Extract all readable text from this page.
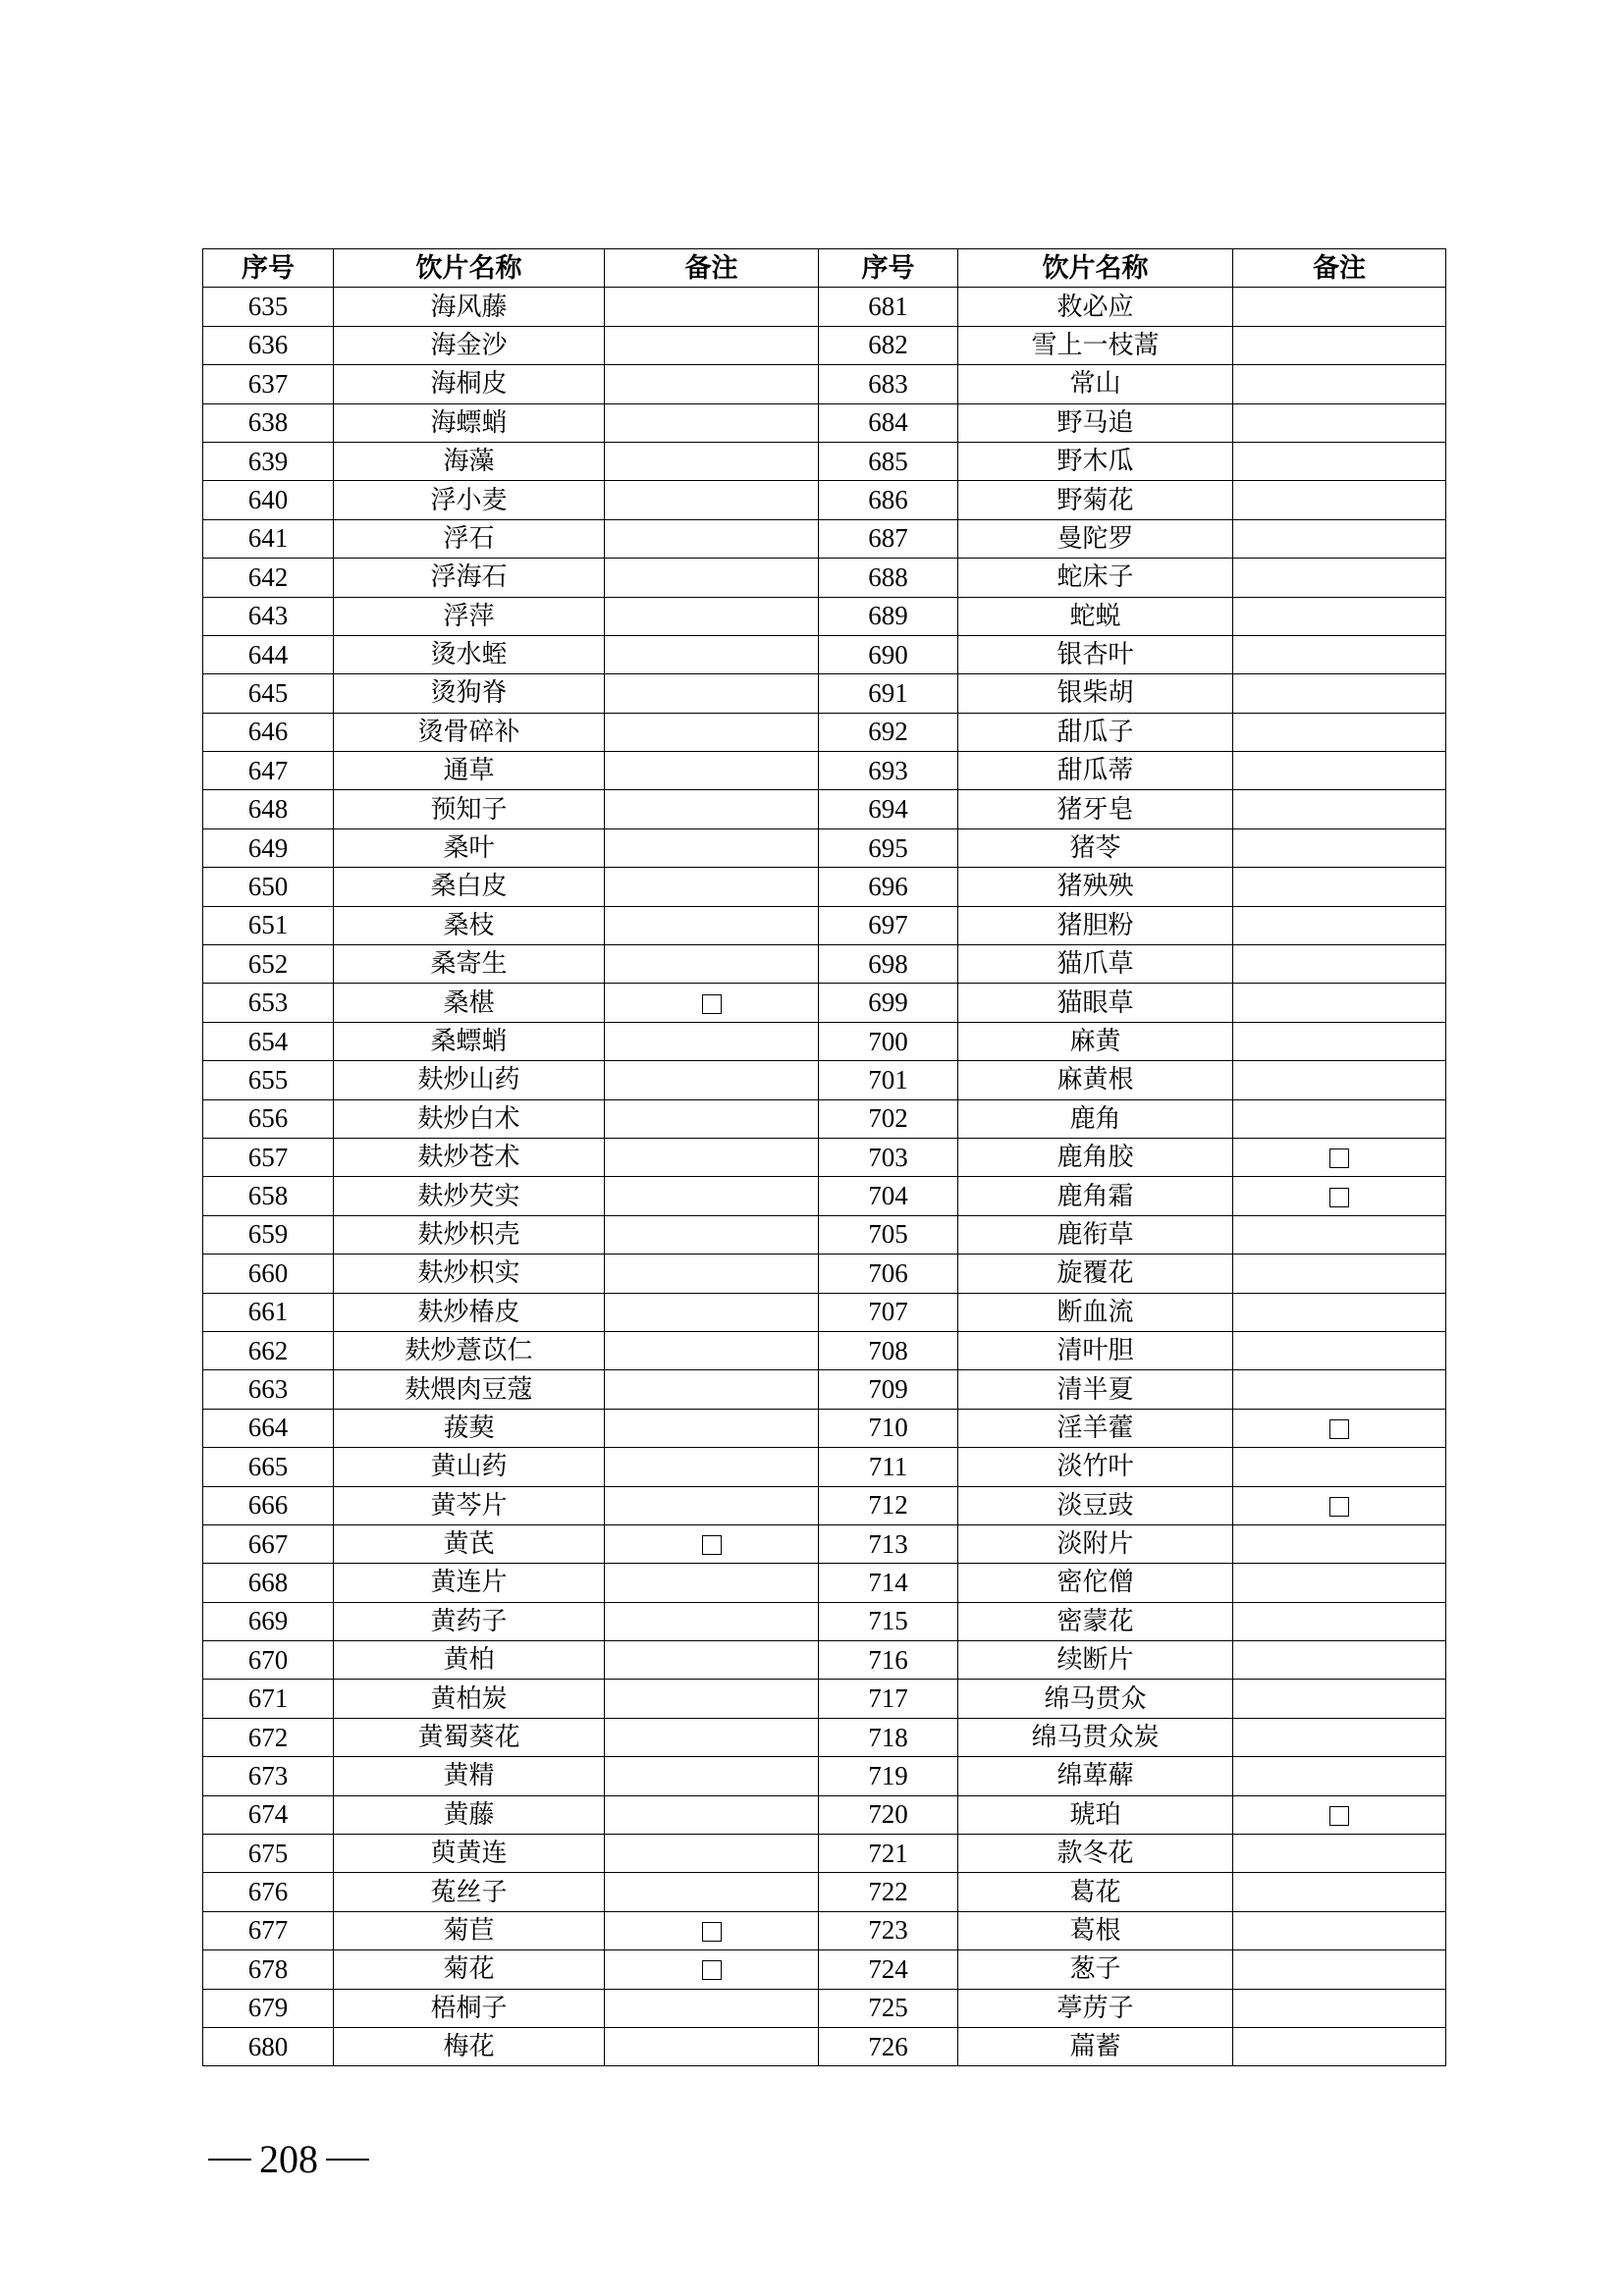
序号	饮片名称	备注	序号	饮片名称	备注
635	海风藤		681	救必应	
636	海金沙		682	雪上一枝蒿	
637	海桐皮		683	常山	
638	海螵蛸		684	野马追	
639	海藻		685	野木瓜	
640	浮小麦		686	野菊花	
641	浮石		687	曼陀罗	
642	浮海石		688	蛇床子	
643	浮萍		689	蛇蜕	
644	烫水蛭		690	银杏叶	
645	烫狗脊		691	银柴胡	
646	烫骨碎补		692	甜瓜子	
647	通草		693	甜瓜蒂	
648	预知子		694	猪牙皂	
649	桑叶		695	猪苓	
650	桑白皮		696	猪殃殃	
651	桑枝		697	猪胆粉	
652	桑寄生		698	猫爪草	
653	桑椹		699	猫眼草	
654	桑螵蛸		700	麻黄	
655	麸炒山药		701	麻黄根	
656	麸炒白术		702	鹿角	
657	麸炒苍术		703	鹿角胶	
658	麸炒芡实		704	鹿角霜	
659	麸炒枳壳		705	鹿衔草	
660	麸炒枳实		706	旋覆花	
661	麸炒椿皮		707	断血流	
662	麸炒薏苡仁		708	清叶胆	
663	麸煨肉豆蔻		709	清半夏	
664	菝葜		710	淫羊藿	
665	黄山药		711	淡竹叶	
666	黄芩片		712	淡豆豉	
667	黄芪		713	淡附片	
668	黄连片		714	密佗僧	
669	黄药子		715	密蒙花	
670	黄柏		716	续断片	
671	黄柏炭		717	绵马贯众	
672	黄蜀葵花		718	绵马贯众炭	
673	黄精		719	绵萆薢	
674	黄藤		720	琥珀	
675	萸黄连		721	款冬花	
676	菟丝子		722	葛花	
677	菊苣		723	葛根	
678	菊花		724	葱子	
679	梧桐子		725	葶苈子	
680	梅花		726	萹蓄	
208
